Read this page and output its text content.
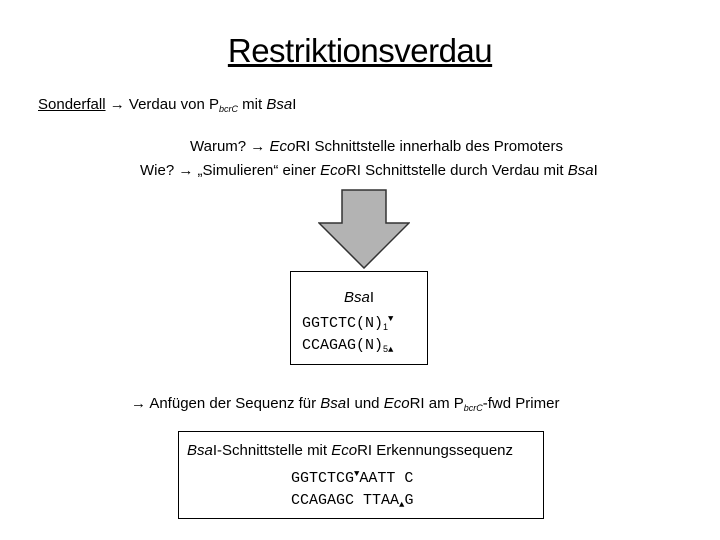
Restriktionsverdau
Sonderfall → Verdau von $P_{bcrC}$ mit BsaI
Warum? → EcoRI Schnittstelle innerhalb des Promoters
Wie? → „Simulieren“ einer EcoRI Schnittstelle durch Verdau mit BsaI
BsaI
$GGTCTC(N)_1^▼$
$CCAGAG(N)_{5▲}$
→ Anfügen der Sequenz für BsaI und EcoRI am $P_{bcrC}$-fwd Primer
BsaI-Schnittstelle mit EcoRI Erkennungssequenz
GGTCTCG▼AATT C
CCAGAGC $TTAA_▲G$
